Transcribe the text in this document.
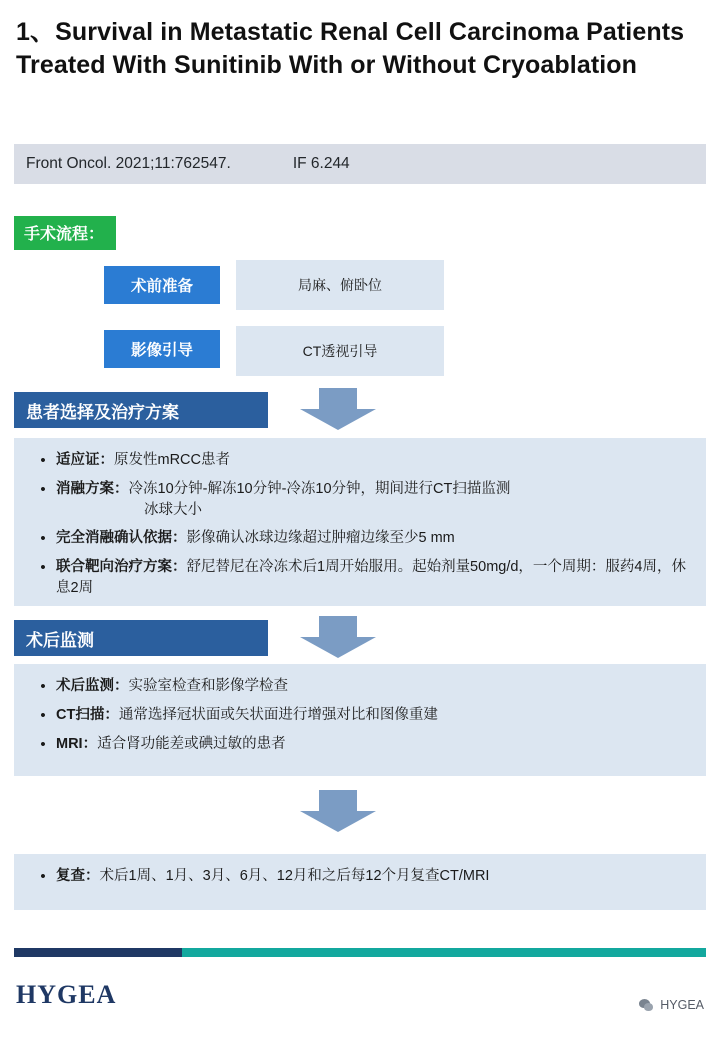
1、Survival in Metastatic Renal Cell Carcinoma Patients Treated With Sunitinib With or Without Cryoablation
Front Oncol. 2021;11:762547.	IF 6.244
手术流程：
术前准备	局麻、俯卧位
影像引导	CT透视引导
患者选择及治疗方案
• 适应证：原发性mRCC患者
• 消融方案：冷冻10分钟-解冻10分钟-冷冻10分钟，期间进行CT扫描监测
冰球大小
• 完全消融确认依据：影像确认冰球边缘超过肿瘤边缘至少5 mm
• 联合靶向治疗方案：舒尼替尼在冷冻术后1周开始服用。起始剂量50mg/d，一个周期：服药4周，休息2周
术后监测
• 术后监测：实验室检查和影像学检查
• CT扫描：通常选择冠状面或矢状面进行增强对比和图像重建
• MRI：适合肾功能差或碘过敏的患者
• 复查：术后1周、1月、3月、6月、12月和之后每12个月复查CT/MRI
HYGEA	HYGEA
